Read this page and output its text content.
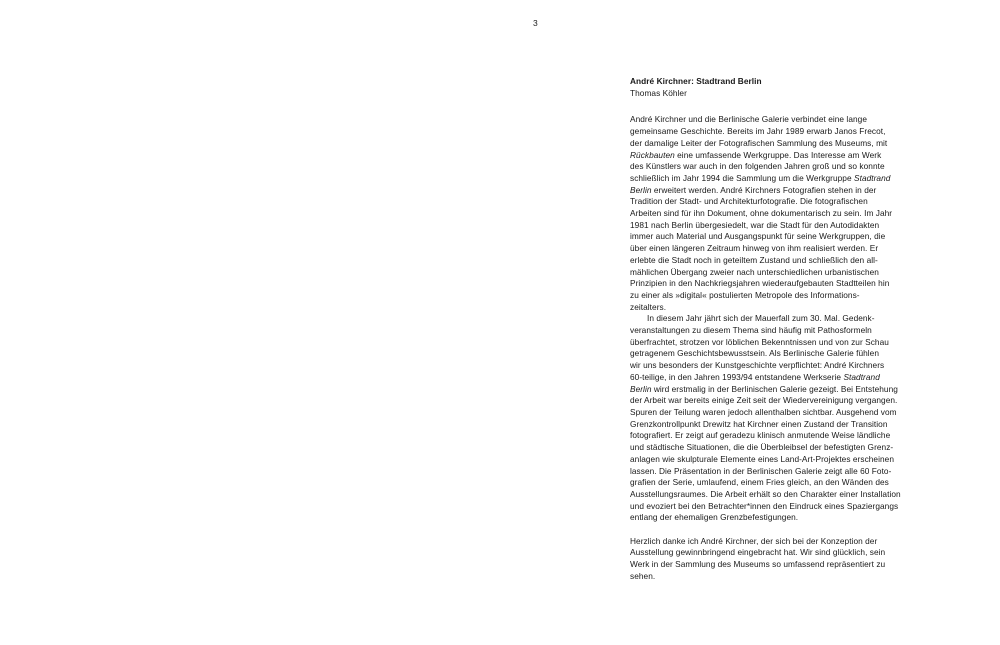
3
André Kirchner: Stadtrand Berlin
Thomas Köhler
André Kirchner und die Berlinische Galerie verbindet eine lange
gemeinsame Geschichte. Bereits im Jahr 1989 erwarb Janos Frecot,
der damalige Leiter der Fotografischen Sammlung des Museums, mit
Rückbauten eine umfassende Werkgruppe. Das Interesse am Werk
des Künstlers war auch in den folgenden Jahren groß und so konnte
schließlich im Jahr 1994 die Sammlung um die Werkgruppe Stadtrand
Berlin erweitert werden. André Kirchners Fotografien stehen in der
Tradition der Stadt- und Architekturfotografie. Die fotografischen
Arbeiten sind für ihn Dokument, ohne dokumentarisch zu sein. Im Jahr
1981 nach Berlin übergesiedelt, war die Stadt für den Autodidakten
immer auch Material und Ausgangspunkt für seine Werkgruppen, die
über einen längeren Zeitraum hinweg von ihm realisiert werden. Er
erlebte die Stadt noch in geteiltem Zustand und schließlich den all-
mählichen Übergang zweier nach unterschiedlichen urbanistischen
Prinzipien in den Nachkriegsjahren wiederaufgebauten Stadtteilen hin
zu einer als »digital« postulierten Metropole des Informations-
zeitalters.
In diesem Jahr jährt sich der Mauerfall zum 30. Mal. Gedenk-
veranstaltungen zu diesem Thema sind häufig mit Pathosformeln
überfrachtet, strotzen vor löblichen Bekenntnissen und von zur Schau
getragenem Geschichtsbewusstsein. Als Berlinische Galerie fühlen
wir uns besonders der Kunstgeschichte verpflichtet: André Kirchners
60-teilige, in den Jahren 1993/94 entstandene Werkserie Stadtrand
Berlin wird erstmalig in der Berlinischen Galerie gezeigt. Bei Entstehung
der Arbeit war bereits einige Zeit seit der Wiedervereinigung vergangen.
Spuren der Teilung waren jedoch allenthalben sichtbar. Ausgehend vom
Grenzkontrollpunkt Drewitz hat Kirchner einen Zustand der Transition
fotografiert. Er zeigt auf geradezu klinisch anmutende Weise ländliche
und städtische Situationen, die die Überbleibsel der befestigten Grenz-
anlagen wie skulpturale Elemente eines Land-Art-Projektes erscheinen
lassen. Die Präsentation in der Berlinischen Galerie zeigt alle 60 Foto-
grafien der Serie, umlaufend, einem Fries gleich, an den Wänden des
Ausstellungsraumes. Die Arbeit erhält so den Charakter einer Installation
und evoziert bei den Betrachter*innen den Eindruck eines Spaziergangs
entlang der ehemaligen Grenzbefestigungen.
Herzlich danke ich André Kirchner, der sich bei der Konzeption der
Ausstellung gewinnbringend eingebracht hat. Wir sind glücklich, sein
Werk in der Sammlung des Museums so umfassend repräsentiert zu
sehen.
